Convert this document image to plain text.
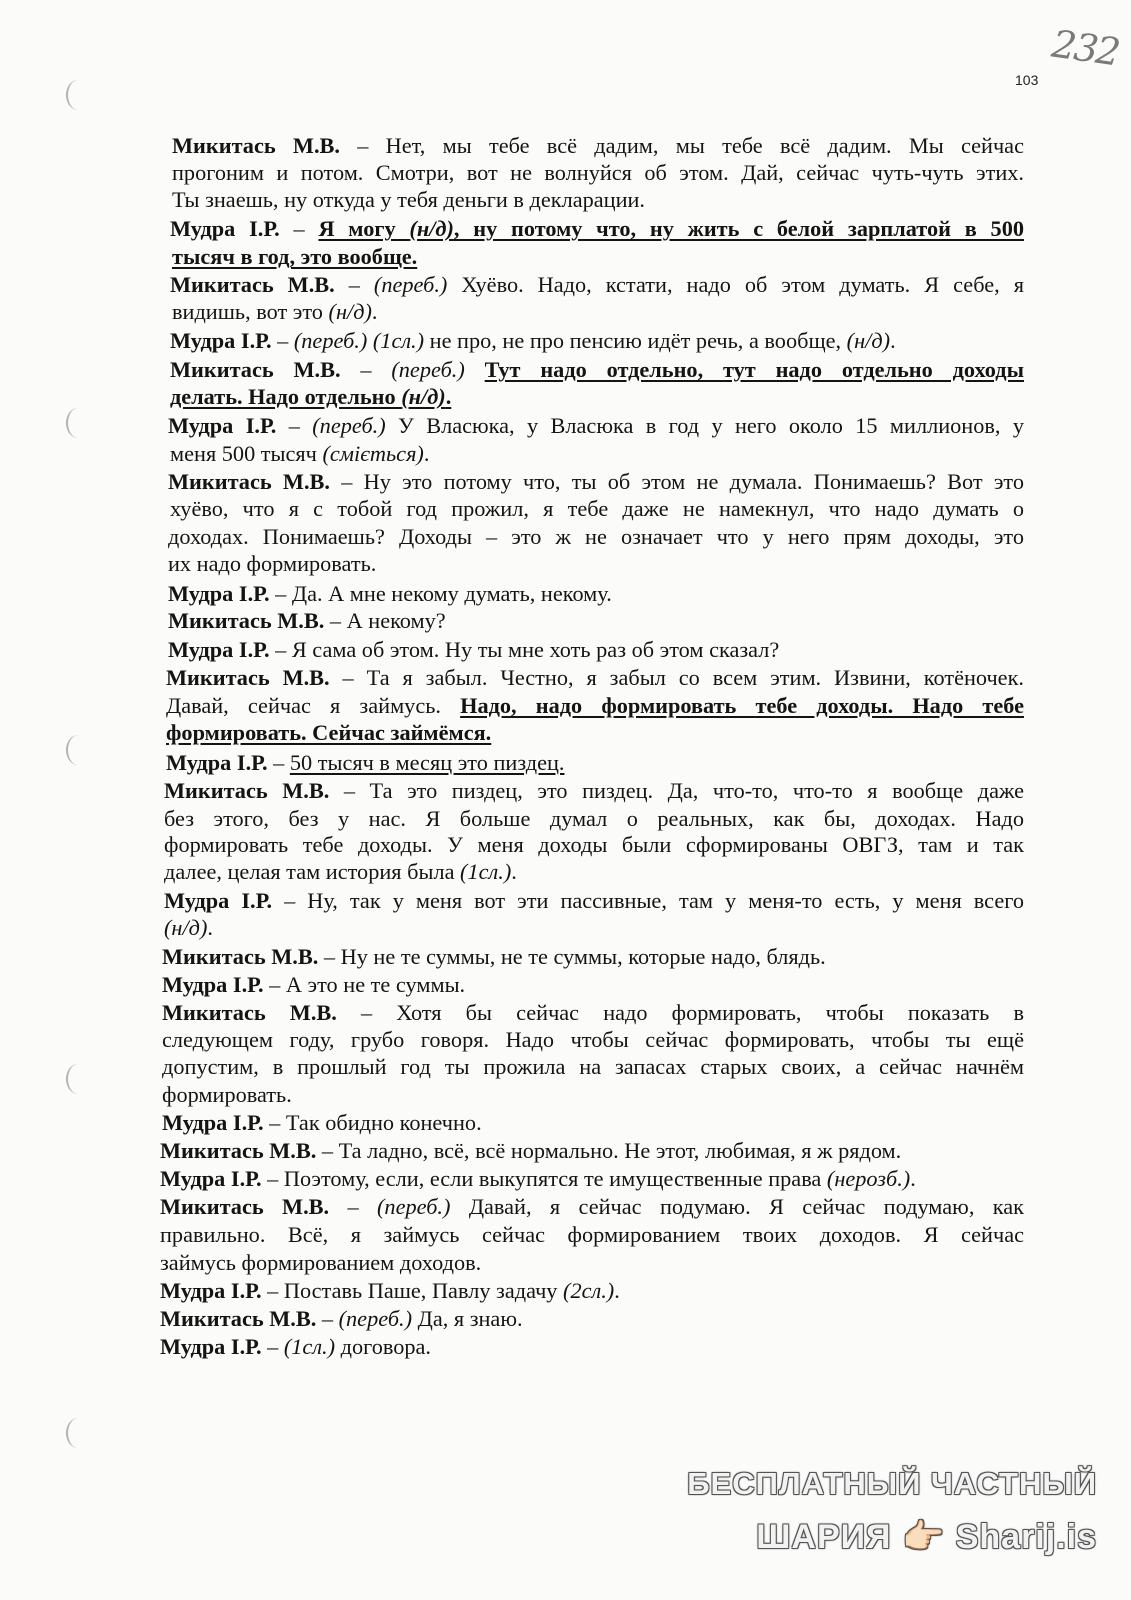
232
103
Микитась М.В. – Нет, мы тебе всё дадим, мы тебе всё дадим. Мы сейчас
прогоним и потом. Смотри, вот не волнуйся об этом. Дай, сейчас чуть-чуть этих.
Ты знаешь, ну откуда у тебя деньги в декларации.
Мудра І.Р. – Я могу (н/д), ну потому что, ну жить с белой зарплатой в 500
тысяч в год, это вообще.
Микитась М.В. – (переб.) Хуёво. Надо, кстати, надо об этом думать. Я себе, я
видишь, вот это (н/д).
Мудра І.Р. – (переб.) (1сл.) не про, не про пенсию идёт речь, а вообще, (н/д).
Микитась М.В. – (переб.) Тут надо отдельно, тут надо отдельно доходы
делать. Надо отдельно (н/д).
Мудра І.Р. – (переб.) У Власюка, у Власюка в год у него около 15 миллионов, у
меня 500 тысяч (сміється).
Микитась М.В. – Ну это потому что, ты об этом не думала. Понимаешь? Вот это
хуёво, что я с тобой год прожил, я тебе даже не намекнул, что надо думать о
доходах. Понимаешь? Доходы – это ж не означает что у него прям доходы, это
их надо формировать.
Мудра І.Р. – Да. А мне некому думать, некому.
Микитась М.В. – А некому?
Мудра І.Р. – Я сама об этом. Ну ты мне хоть раз об этом сказал?
Микитась М.В. – Та я забыл. Честно, я забыл со всем этим. Извини, котёночек.
Давай, сейчас я займусь. Надо, надо формировать тебе доходы. Надо тебе
формировать. Сейчас займёмся.
Мудра І.Р. – 50 тысяч в месяц это пиздец.
Микитась М.В. – Та это пиздец, это пиздец. Да, что-то, что-то я вообще даже
без этого, без у нас. Я больше думал о реальных, как бы, доходах. Надо
формировать тебе доходы. У меня доходы были сформированы ОВГЗ, там и так
далее, целая там история была (1сл.).
Мудра І.Р. – Ну, так у меня вот эти пассивные, там у меня-то есть, у меня всего
(н/д).
Микитась М.В. – Ну не те суммы, не те суммы, которые надо, блядь.
Мудра І.Р. – А это не те суммы.
Микитась М.В. – Хотя бы сейчас надо формировать, чтобы показать в
следующем году, грубо говоря. Надо чтобы сейчас формировать, чтобы ты ещё
допустим, в прошлый год ты прожила на запасах старых своих, а сейчас начнём
формировать.
Мудра І.Р. – Так обидно конечно.
Микитась М.В. – Та ладно, всё, всё нормально. Не этот, любимая, я ж рядом.
Мудра І.Р. – Поэтому, если, если выкупятся те имущественные права (нерозб.).
Микитась М.В. – (переб.) Давай, я сейчас подумаю. Я сейчас подумаю, как
правильно. Всё, я займусь сейчас формированием твоих доходов. Я сейчас
займусь формированием доходов.
Мудра І.Р. – Поставь Паше, Павлу задачу (2сл.).
Микитась М.В. – (переб.) Да, я знаю.
Мудра І.Р. – (1сл.) договора.
БЕСПЛАТНЫЙ ЧАСТНЫЙ
ШАРИЯ 👉🏻 Sharij.is
